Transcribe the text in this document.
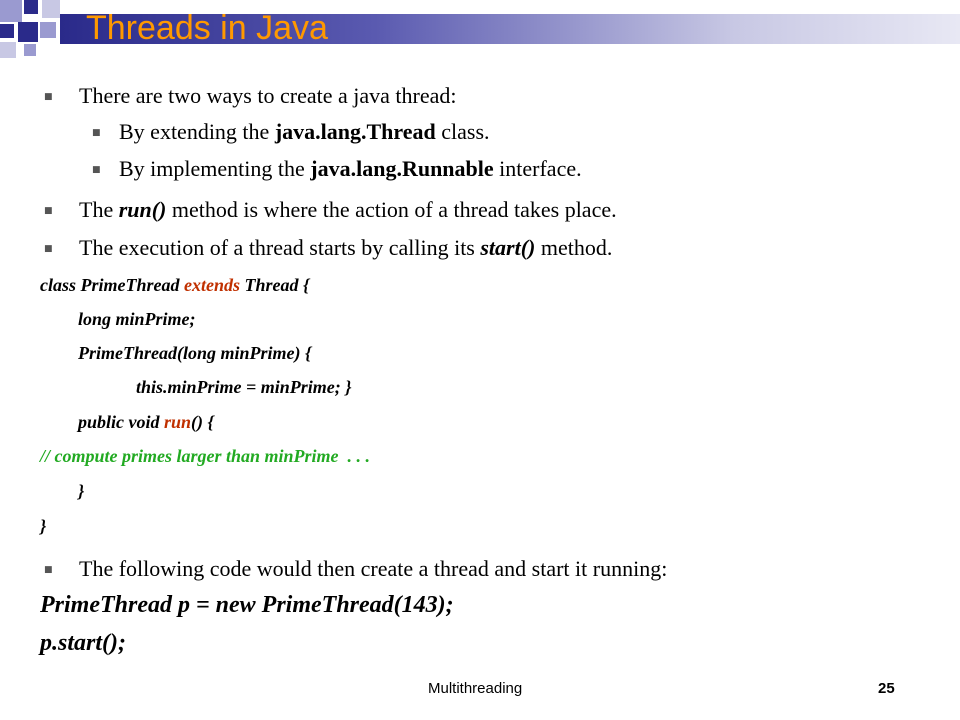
Threads in Java
■ There are two ways to create a java thread:
■ By extending the java.lang.Thread class.
■ By implementing the java.lang.Runnable interface.
■ The run() method is where the action of a thread takes place.
■ The execution of a thread starts by calling its start() method.
class PrimeThread extends Thread {
long minPrime;
PrimeThread(long minPrime) {
this.minPrime = minPrime; }
public void run() {
// compute primes larger than minPrime  . . .
}
}
■ The following code would then create a thread and start it running:
PrimeThread p = new PrimeThread(143);
p.start();
Multithreading	25
